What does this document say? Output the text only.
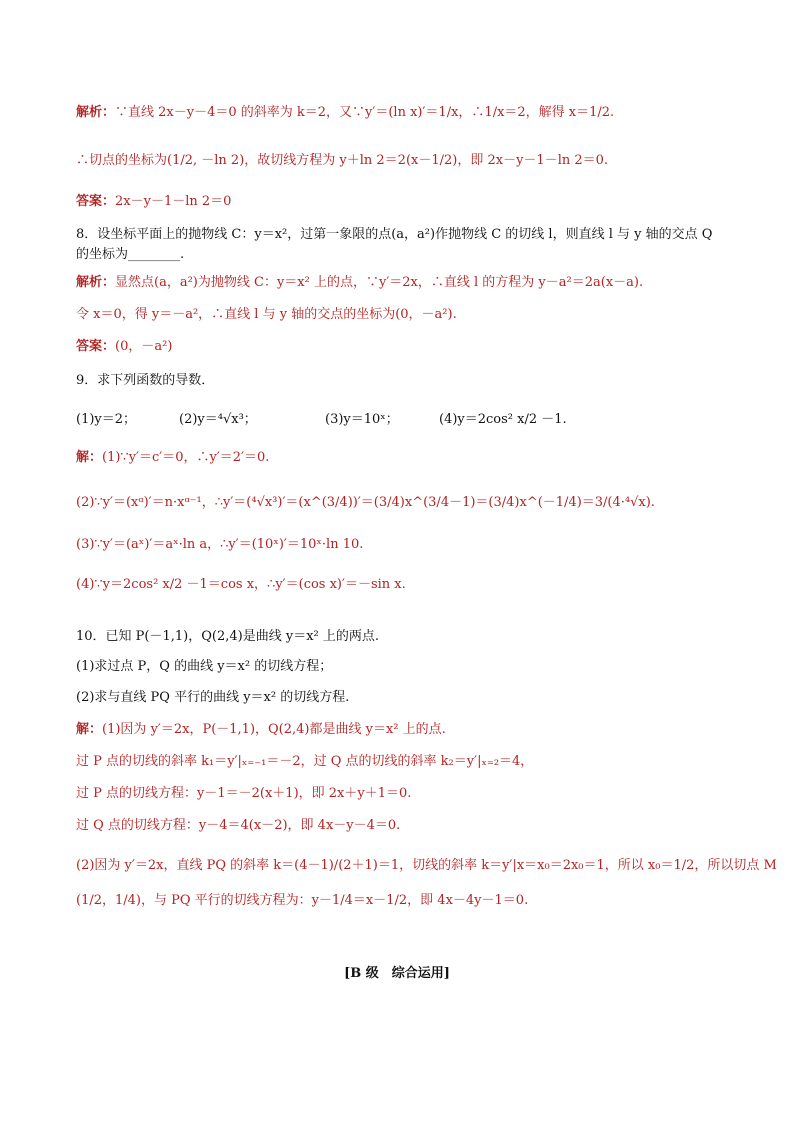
解析：∵直线 2x－y－4＝0 的斜率为 k＝2，又∵y′＝(ln x)′＝1/x，∴1/x＝2，解得 x＝1/2.
∴切点的坐标为(1/2, －ln 2)，故切线方程为 y＋ln 2＝2(x－1/2)，即 2x－y－1－ln 2＝0.
答案：2x－y－1－ln 2＝0
8．设坐标平面上的抛物线 C：y＝x²，过第一象限的点(a，a²)作抛物线 C 的切线 l，则直线 l 与 y 轴的交点 Q
的坐标为________.
解析：显然点(a，a²)为抛物线 C：y＝x² 上的点，∵y′＝2x，∴直线 l 的方程为 y－a²＝2a(x－a).
令 x＝0，得 y＝－a²，∴直线 l 与 y 轴的交点的坐标为(0，－a²).
答案：(0，－a²)
9．求下列函数的导数．
(1)y＝2；	(2)y＝⁴√x³；	(3)y＝10ˣ；	(4)y＝2cos² x/2 －1.
解：(1)∵y′＝c′＝0，∴y′＝2′＝0.
(2)∵y′＝(xᵅ)′＝n·xᵅ⁻¹，∴y′＝(⁴√x³)′＝(x^(3/4))′＝(3/4)x^(3/4－1)＝(3/4)x^(－1/4)＝3/(4·⁴√x).
(3)∵y′＝(aˣ)′＝aˣ·ln a，∴y′＝(10ˣ)′＝10ˣ·ln 10.
(4)∵y＝2cos² x/2 －1＝cos x，∴y′＝(cos x)′＝－sin x.
10．已知 P(－1,1)，Q(2,4)是曲线 y＝x² 上的两点.
(1)求过点 P，Q 的曲线 y＝x² 的切线方程；
(2)求与直线 PQ 平行的曲线 y＝x² 的切线方程.
解：(1)因为 y′＝2x，P(－1,1)，Q(2,4)都是曲线 y＝x² 上的点.
过 P 点的切线的斜率 k₁＝y′|ₓ₌₋₁＝－2，过 Q 点的切线的斜率 k₂＝y′|ₓ₌₂＝4，
过 P 点的切线方程：y－1＝－2(x＋1)，即 2x＋y＋1＝0.
过 Q 点的切线方程：y－4＝4(x－2)，即 4x－y－4＝0.
(2)因为 y′＝2x，直线 PQ 的斜率 k＝(4－1)/(2＋1)＝1，切线的斜率 k＝y′|x＝x₀＝2x₀＝1，所以 x₀＝1/2，所以切点 M
(1/2，1/4)，与 PQ 平行的切线方程为：y－1/4＝x－1/2，即 4x－4y－1＝0.
[B 级　综合运用]
